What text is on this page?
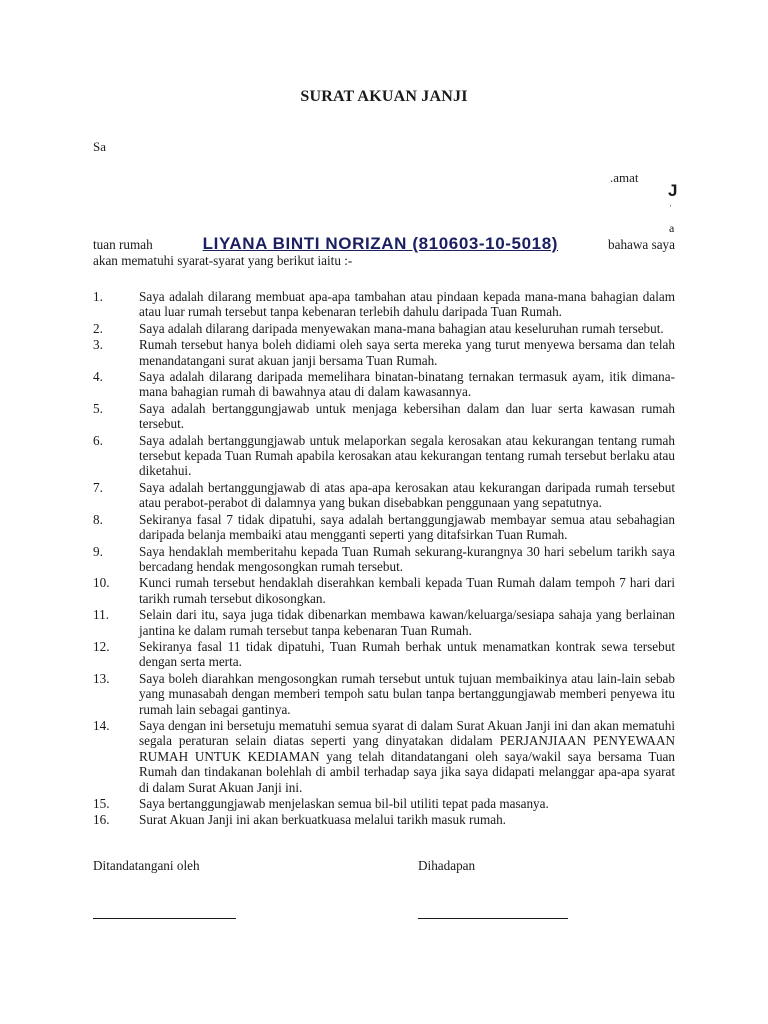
SURAT AKUAN JANJI
Sa
.amat
J
'
a
tuan rumah	LIYANA BINTI NORIZAN (810603-10-5018)	bahawa saya
akan mematuhi syarat-syarat yang berikut iaitu :-
1.	Saya adalah dilarang membuat apa-apa tambahan atau pindaan kepada mana-mana bahagian dalam atau luar rumah tersebut tanpa kebenaran terlebih dahulu daripada Tuan Rumah.
2.	Saya adalah dilarang daripada menyewakan mana-mana bahagian atau keseluruhan rumah tersebut.
3.	Rumah tersebut hanya boleh didiami oleh saya serta mereka yang turut menyewa bersama dan telah menandatangani surat akuan janji bersama Tuan Rumah.
4.	Saya adalah dilarang daripada memelihara binatan-binatang ternakan termasuk ayam, itik dimana-mana bahagian rumah di bawahnya atau di dalam kawasannya.
5.	Saya adalah bertanggungjawab untuk menjaga kebersihan dalam dan luar serta kawasan rumah tersebut.
6.	Saya adalah bertanggungjawab untuk melaporkan segala kerosakan atau kekurangan tentang rumah tersebut kepada Tuan Rumah apabila kerosakan atau kekurangan tentang rumah tersebut berlaku atau diketahui.
7.	Saya adalah bertanggungjawab di atas apa-apa kerosakan atau kekurangan daripada rumah tersebut atau perabot-perabot di dalamnya yang bukan disebabkan penggunaan yang sepatutnya.
8.	Sekiranya fasal 7 tidak dipatuhi, saya adalah bertanggungjawab membayar semua atau sebahagian daripada belanja membaiki atau mengganti seperti yang ditafsirkan Tuan Rumah.
9.	Saya hendaklah memberitahu kepada Tuan Rumah sekurang-kurangnya 30 hari sebelum tarikh saya bercadang hendak mengosongkan rumah tersebut.
10.	Kunci rumah tersebut hendaklah diserahkan kembali kepada Tuan Rumah dalam tempoh 7 hari dari tarikh rumah tersebut dikosongkan.
11.	Selain dari itu, saya juga tidak dibenarkan membawa kawan/keluarga/sesiapa sahaja yang berlainan jantina ke dalam rumah tersebut tanpa kebenaran Tuan Rumah.
12.	Sekiranya fasal 11 tidak dipatuhi, Tuan Rumah berhak untuk menamatkan kontrak sewa tersebut dengan serta merta.
13.	Saya boleh diarahkan mengosongkan rumah tersebut untuk tujuan membaikinya atau lain-lain sebab yang munasabah dengan memberi tempoh satu bulan tanpa bertanggungjawab memberi penyewa itu rumah lain sebagai gantinya.
14.	Saya dengan ini bersetuju mematuhi semua syarat di dalam Surat Akuan Janji ini dan akan mematuhi segala peraturan selain diatas seperti yang dinyatakan didalam PERJANJIAAN PENYEWAAN RUMAH UNTUK KEDIAMAN yang telah ditandatangani oleh saya/wakil saya bersama Tuan Rumah dan tindakanan bolehlah di ambil terhadap saya jika saya didapati melanggar apa-apa syarat di dalam Surat Akuan Janji ini.
15.	Saya bertanggungjawab menjelaskan semua bil-bil utiliti tepat pada masanya.
16.	Surat Akuan Janji ini akan berkuatkuasa melalui tarikh masuk rumah.
Ditandatangani oleh	Dihadapan
